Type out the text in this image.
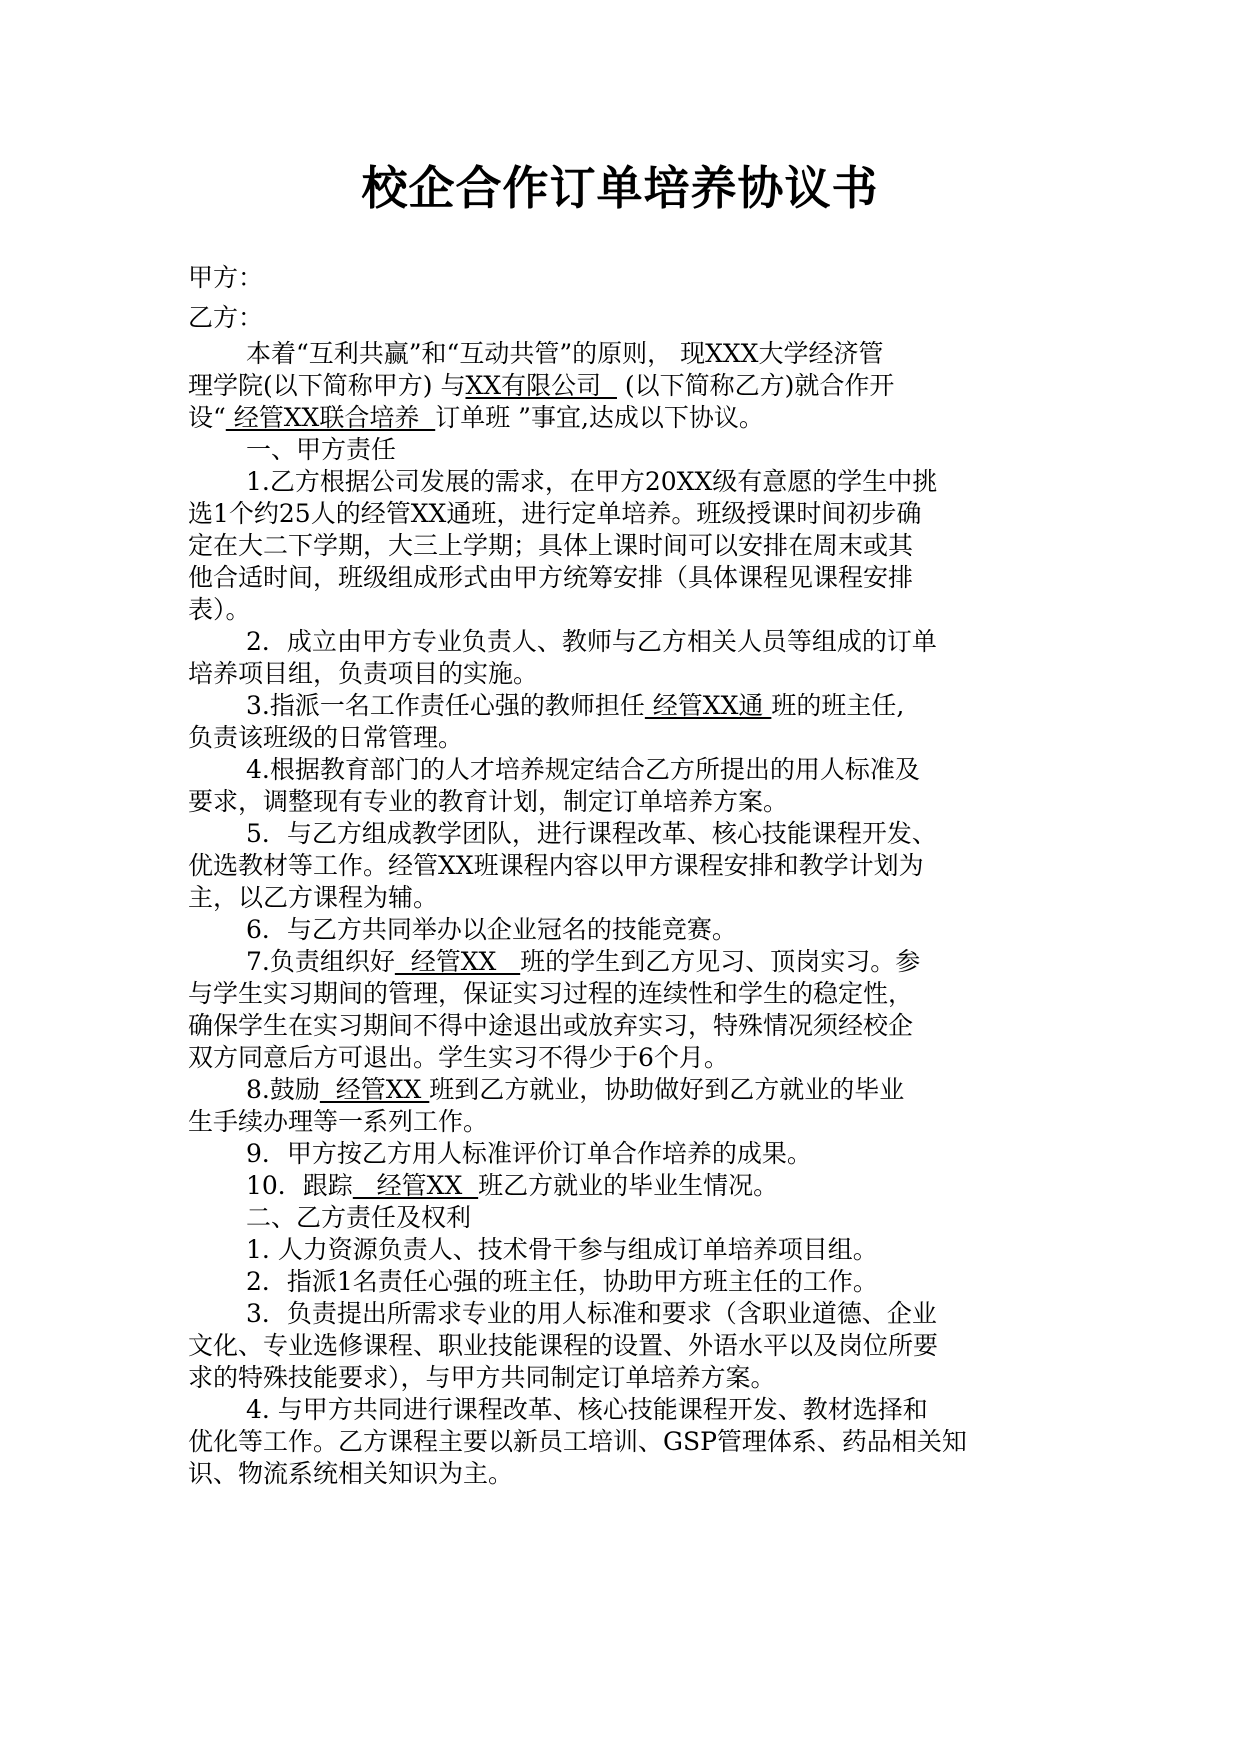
校企合作订单培养协议书
甲方：
乙方：
本着“互利共赢”和“互动共管”的原则， 现XXX大学经济管
理学院(以下简称甲方) 与XX有限公司   (以下简称乙方)就合作开
设“ 经管XX联合培养  订单班 ”事宜,达成以下协议。
一、甲方责任
1.乙方根据公司发展的需求，在甲方20XX级有意愿的学生中挑
选1个约25人的经管XX通班，进行定单培养。班级授课时间初步确
定在大二下学期，大三上学期；具体上课时间可以安排在周末或其
他合适时间，班级组成形式由甲方统筹安排（具体课程见课程安排
表）。
2．成立由甲方专业负责人、教师与乙方相关人员等组成的订单
培养项目组，负责项目的实施。
3.指派一名工作责任心强的教师担任 经管XX通 班的班主任,
负责该班级的日常管理。
4.根据教育部门的人才培养规定结合乙方所提出的用人标准及
要求，调整现有专业的教育计划，制定订单培养方案。
5．与乙方组成教学团队，进行课程改革、核心技能课程开发、
优选教材等工作。经管XX班课程内容以甲方课程安排和教学计划为
主，以乙方课程为辅。
6．与乙方共同举办以企业冠名的技能竞赛。
7.负责组织好  经管XX   班的学生到乙方见习、顶岗实习。参
与学生实习期间的管理，保证实习过程的连续性和学生的稳定性，
确保学生在实习期间不得中途退出或放弃实习，特殊情况须经校企
双方同意后方可退出。学生实习不得少于6个月。
8.鼓励  经管XX 班到乙方就业，协助做好到乙方就业的毕业
生手续办理等一系列工作。
9．甲方按乙方用人标准评价订单合作培养的成果。
10．跟踪   经管XX  班乙方就业的毕业生情况。
二、乙方责任及权利
1. 人力资源负责人、技术骨干参与组成订单培养项目组。
2．指派1名责任心强的班主任，协助甲方班主任的工作。
3．负责提出所需求专业的用人标准和要求（含职业道德、企业
文化、专业选修课程、职业技能课程的设置、外语水平以及岗位所要
求的特殊技能要求），与甲方共同制定订单培养方案。
4. 与甲方共同进行课程改革、核心技能课程开发、教材选择和
优化等工作。乙方课程主要以新员工培训、GSP管理体系、药品相关知
识、物流系统相关知识为主。
